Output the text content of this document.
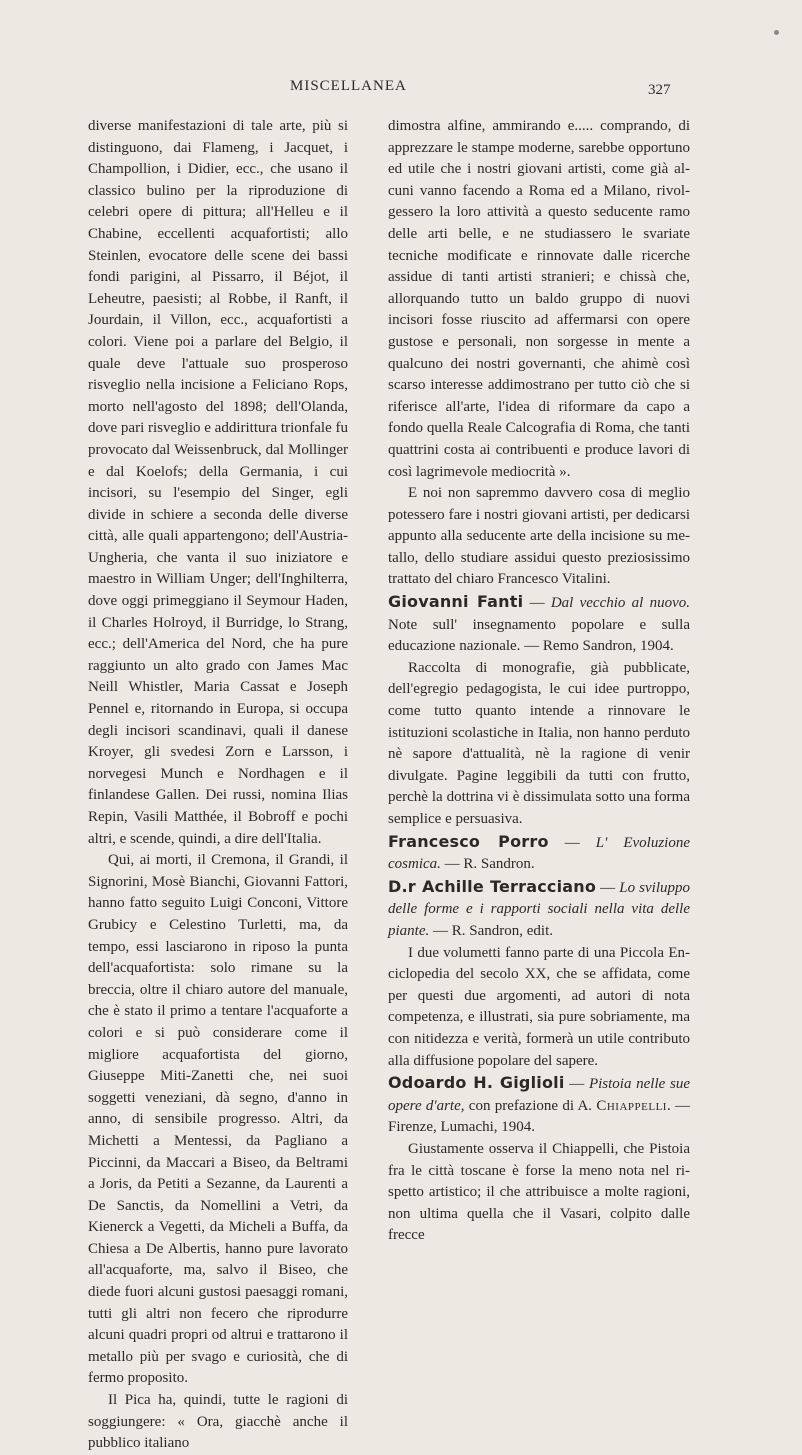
MISCELLANEA	327

diverse manifestazioni di tale arte, più si distinguono, dai Flameng, i Jacquet, i Champollion, i Didier, ecc., che usano il classico bulino per la riproduzione di celebri opere di pittura; all'Helleu e il Chabine, eccellenti acquafortisti; allo Steinlen, evocatore delle scene dei bassi fondi parigini, al Pissarro, il Béjot, il Leheutre, paesisti; al Robbe, il Ranft, il Jourdain, il Villon, ecc., acquafortisti a colori. Viene poi a parlare del Belgio, il quale deve l'attuale suo prosperoso risveglio nella incisione a Feliciano Rops, morto nell'agosto del 1898; dell'Olanda, dove pari risveglio e addirittura trionfale fu provocato dal Weissenbruck, dal Mollinger e dal Koelofs; della Germania, i cui incisori, su l'esempio del Singer, egli divide in schiere a seconda delle diverse città, alle quali appartengono; dell'Austria-Ungheria, che vanta il suo iniziatore e maestro in William Unger; dell'Inghilterra, dove oggi primeggiano il Seymour Haden, il Charles Holroyd, il Burridge, lo Strang, ecc.; dell'America del Nord, che ha pure raggiunto un alto grado con James Mac Neill Whistler, Maria Cassat e Joseph Pennel e, ritornando in Europa, si occupa degli incisori scandinavi, quali il danese Kroyer, gli svedesi Zorn e Larsson, i norvegesi Munch e Nordhagen e il finlandese Gallen. Dei russi, nomina Ilias Repin, Vasili Matthée, il Bobroff e pochi altri, e scende, quindi, a dire dell'Italia.

Qui, ai morti, il Cremona, il Grandi, il Signorini, Mosè Bianchi, Giovanni Fattori, hanno fatto seguito Luigi Conconi, Vittore Grubicy e Celestino Turletti, ma, da tempo, essi lasciarono in riposo la punta dell'acquafortista: solo rimane su la breccia, oltre il chiaro autore del manuale, che è stato il primo a tentare l'acquaforte a colori e si può considerare come il migliore acquafortista del giorno, Giuseppe Miti-Zanetti che, nei suoi soggetti veneziani, dà segno, d'anno in anno, di sensibile progresso. Altri, da Michetti a Mentessi, da Pagliano a Piccinni, da Maccari a Biseo, da Beltrami a Joris, da Petiti a Sezanne, da Laurenti a De Sanctis, da Nomellini a Vetri, da Kienerck a Vegetti, da Micheli a Buffa, da Chiesa a De Albertis, hanno pure lavorato all'acquaforte, ma, salvo il Biseo, che diede fuori alcuni gustosi paesaggi romani, tutti gli altri non fecero che riprodurre alcuni quadri propri od altrui e trattarono il metallo più per svago e curiosità, che di fermo proposito.

Il Pica ha, quindi, tutte le ragioni di soggiungere: « Ora, giacchè anche il pubblico italiano

dimostra alfine, ammirando e..... comprando, di apprezzare le stampe moderne, sarebbe opportuno ed utile che i nostri giovani artisti, come già alcuni vanno facendo a Roma ed a Milano, rivolgessero la loro attività a questo seducente ramo delle arti belle, e ne studiassero le svariate tecniche modificate e rinnovate dalle ricerche assidue di tanti artisti stranieri; e chissà che, allorquando tutto un baldo gruppo di nuovi incisori fosse riuscito ad affermarsi con opere gustose e personali, non sorgesse in mente a qualcuno dei nostri governanti, che ahimè così scarso interesse addimostrano per tutto ciò che si riferisce all'arte, l'idea di riformare da capo a fondo quella Reale Calcografia di Roma, che tanti quattrini costa ai contribuenti e produce lavori di così lagrimevole mediocrità ».

E noi non sapremmo davvero cosa di meglio potessero fare i nostri giovani artisti, per dedicarsi appunto alla seducente arte della incisione su metallo, dello studiare assidui questo preziosissimo trattato del chiaro Francesco Vitalini.

Giovanni Fanti — Dal vecchio al nuovo. Note sull' insegnamento popolare e sulla educazione nazionale. — Remo Sandron, 1904.

Raccolta di monografie, già pubblicate, dell'egregio pedagogista, le cui idee purtroppo, come tutto quanto intende a rinnovare le istituzioni scolastiche in Italia, non hanno perduto nè sapore d'attualità, nè la ragione di venir divulgate. Pagine leggibili da tutti con frutto, perchè la dottrina vi è dissimulata sotto una forma semplice e persuasiva.

Francesco Porro — L' Evoluzione cosmica. — R. Sandron.

D.r Achille Terracciano — Lo sviluppo delle forme e i rapporti sociali nella vita delle piante. — R. Sandron, edit.

I due volumetti fanno parte di una Piccola Enciclopedia del secolo XX, che se affidata, come per questi due argomenti, ad autori di nota competenza, e illustrati, sia pure sobriamente, ma con nitidezza e verità, formerà un utile contributo alla diffusione popolare del sapere.

Odoardo H. Giglioli — Pistoia nelle sue opere d'arte, con prefazione di A. Chiappelli. — Firenze, Lumachi, 1904.

Giustamente osserva il Chiappelli, che Pistoia fra le città toscane è forse la meno nota nel rispetto artistico; il che attribuisce a molte ragioni, non ultima quella che il Vasari, colpito dalle frecce
